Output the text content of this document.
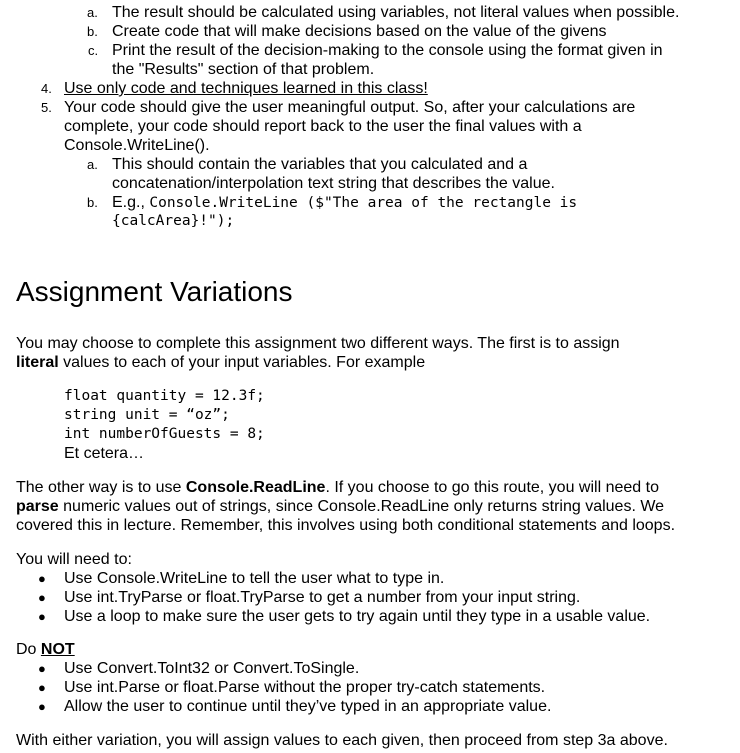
a. The result should be calculated using variables, not literal values when possible.
b. Create code that will make decisions based on the value of the givens
c. Print the result of the decision-making to the console using the format given in
the "Results" section of that problem.
4. Use only code and techniques learned in this class!
5. Your code should give the user meaningful output. So, after your calculations are
complete, your code should report back to the user the final values with a
Console.WriteLine().
a. This should contain the variables that you calculated and a
concatenation/interpolation text string that describes the value.
b. E.g., Console.WriteLine ($"The area of the rectangle is
{calcArea}!");
Assignment Variations
You may choose to complete this assignment two different ways. The first is to assign
literal values to each of your input variables. For example
float quantity = 12.3f;
string unit = “oz”;
int numberOfGuests = 8;
Et cetera…
The other way is to use Console.ReadLine. If you choose to go this route, you will need to
parse numeric values out of strings, since Console.ReadLine only returns string values. We
covered this in lecture. Remember, this involves using both conditional statements and loops.
You will need to:
● Use Console.WriteLine to tell the user what to type in.
● Use int.TryParse or float.TryParse to get a number from your input string.
● Use a loop to make sure the user gets to try again until they type in a usable value.
Do NOT
● Use Convert.ToInt32 or Convert.ToSingle.
● Use int.Parse or float.Parse without the proper try-catch statements.
● Allow the user to continue until they’ve typed in an appropriate value.
With either variation, you will assign values to each given, then proceed from step 3a above.
